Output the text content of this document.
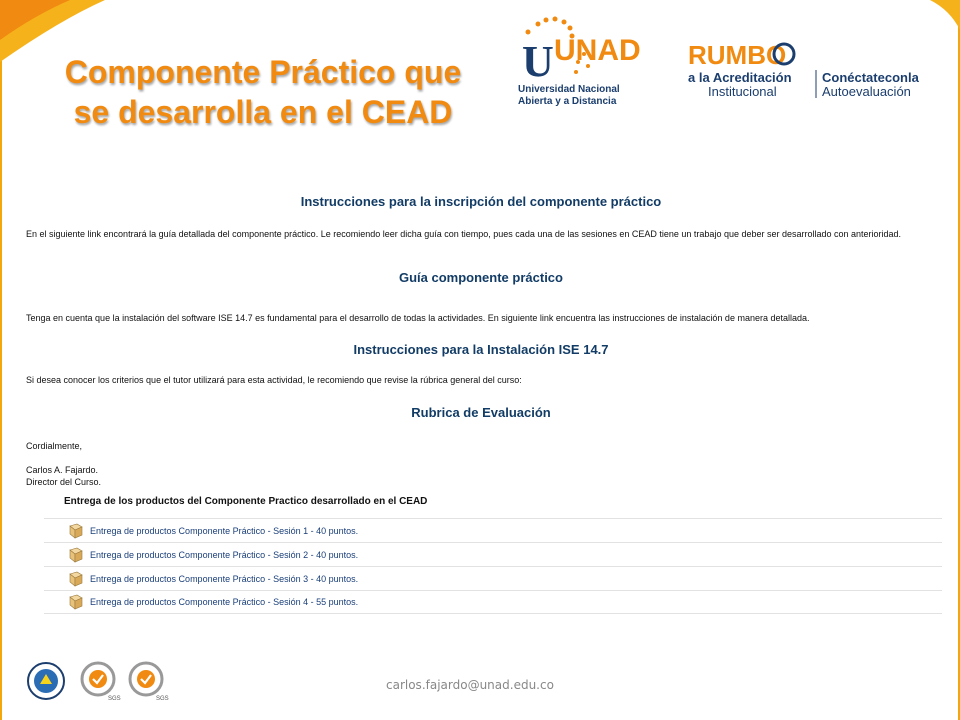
Componente Práctico que
se desarrolla en el CEAD
U UNAD
Universidad Nacional
Abierta y a Distancia
RUMBO
a la Acreditación
Institucional
Conéctateconla
Autoevaluación

Instrucciones para la inscripción del componente práctico

En el siguiente link encontrará la guía detallada del componente práctico. Le recomiendo leer dicha guía con tiempo, pues cada una de las sesiones en CEAD tiene un trabajo que deber ser desarrollado con anterioridad.

Guía componente práctico

Tenga en cuenta que la instalación del software ISE 14.7 es fundamental para el desarrollo de todas la actividades. En siguiente link encuentra las instrucciones de instalación de manera detallada.

Instrucciones para la Instalación ISE 14.7

Si desea conocer los criterios que el tutor utilizará para esta actividad, le recomiendo que revise la rúbrica general del curso:

Rubrica de Evaluación

Cordialmente,

Carlos A. Fajardo.

Director del Curso.

Entrega de los productos del Componente Practico desarrollado en el CEAD

Entrega de productos Componente Práctico - Sesión 1 - 40 puntos.
Entrega de productos Componente Práctico - Sesión 2 - 40 puntos.
Entrega de productos Componente Práctico - Sesión 3 - 40 puntos.
Entrega de productos Componente Práctico - Sesión 4 - 55 puntos.
SGS	SGS
carlos.fajardo@unad.edu.co
